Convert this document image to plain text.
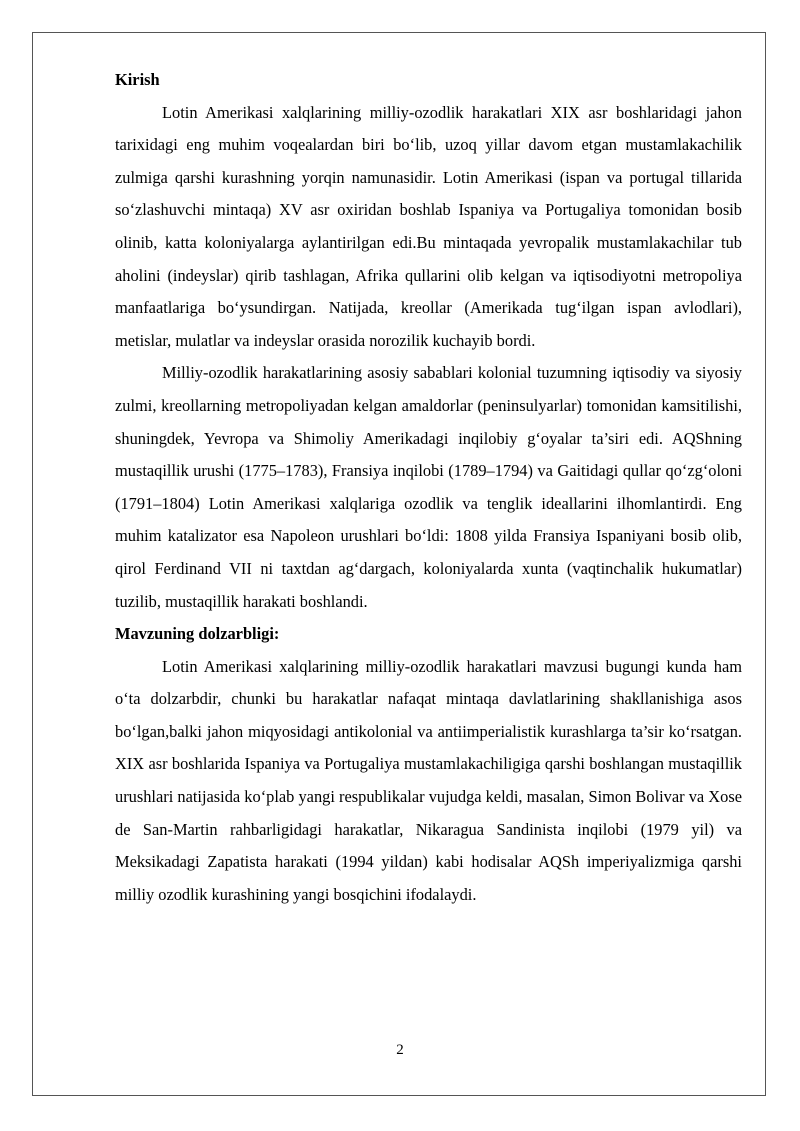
Kirish

Lotin Amerikasi xalqlarining milliy-ozodlik harakatlari XIX asr boshlaridagi jahon tarixidagi eng muhim voqealardan biri bo‘lib, uzoq yillar davom etgan mustamlakachilik zulmiga qarshi kurashning yorqin namunasidir. Lotin Amerikasi (ispan va portugal tillarida so‘zlashuvchi mintaqa) XV asr oxiridan boshlab Ispaniya va Portugaliya tomonidan bosib olinib, katta koloniyalarga aylantirilgan edi.Bu mintaqada yevropalik mustamlakachilar tub aholini (indeyslar) qirib tashlagan, Afrika qullarini olib kelgan va iqtisodiyotni metropoliya manfaatlariga bo‘ysundirgan. Natijada, kreollar (Amerikada tug‘ilgan ispan avlodlari), metislar, mulatlar va indeyslar orasida norozilik kuchayib bordi.

Milliy-ozodlik harakatlarining asosiy sabablari kolonial tuzumning iqtisodiy va siyosiy zulmi, kreollarning metropoliyadan kelgan amaldorlar (peninsulyarlar) tomonidan kamsitilishi, shuningdek, Yevropa va Shimoliy Amerikadagi inqilobiy g‘oyalar ta’siri edi. AQShning mustaqillik urushi (1775–1783), Fransiya inqilobi (1789–1794) va Gaitidagi qullar qo‘zg‘oloni (1791–1804) Lotin Amerikasi xalqlariga ozodlik va tenglik ideallarini ilhomlantirdi. Eng muhim katalizator esa Napoleon urushlari bo‘ldi: 1808 yilda Fransiya Ispaniyani bosib olib, qirol Ferdinand VII ni taxtdan ag‘dargach, koloniyalarda xunta (vaqtinchalik hukumatlar) tuzilib, mustaqillik harakati boshlandi.

Mavzuning dolzarbligi:

Lotin Amerikasi xalqlarining milliy-ozodlik harakatlari mavzusi bugungi kunda ham o‘ta dolzarbdir, chunki bu harakatlar nafaqat mintaqa davlatlarining shakllanishiga asos bo‘lgan,balki jahon miqyosidagi antikolonial va antiimperialistik kurashlarga ta’sir ko‘rsatgan. XIX asr boshlarida Ispaniya va Portugaliya mustamlakachiligiga qarshi boshlangan mustaqillik urushlari natijasida ko‘plab yangi respublikalar vujudga keldi, masalan, Simon Bolivar va Xose de San-Martin rahbarligidagi harakatlar, Nikaragua Sandinista inqilobi (1979 yil) va Meksikadagi Zapatista harakati (1994 yildan) kabi hodisalar AQSh imperiyalizmiga qarshi milliy ozodlik kurashining yangi bosqichini ifodalaydi.

2
